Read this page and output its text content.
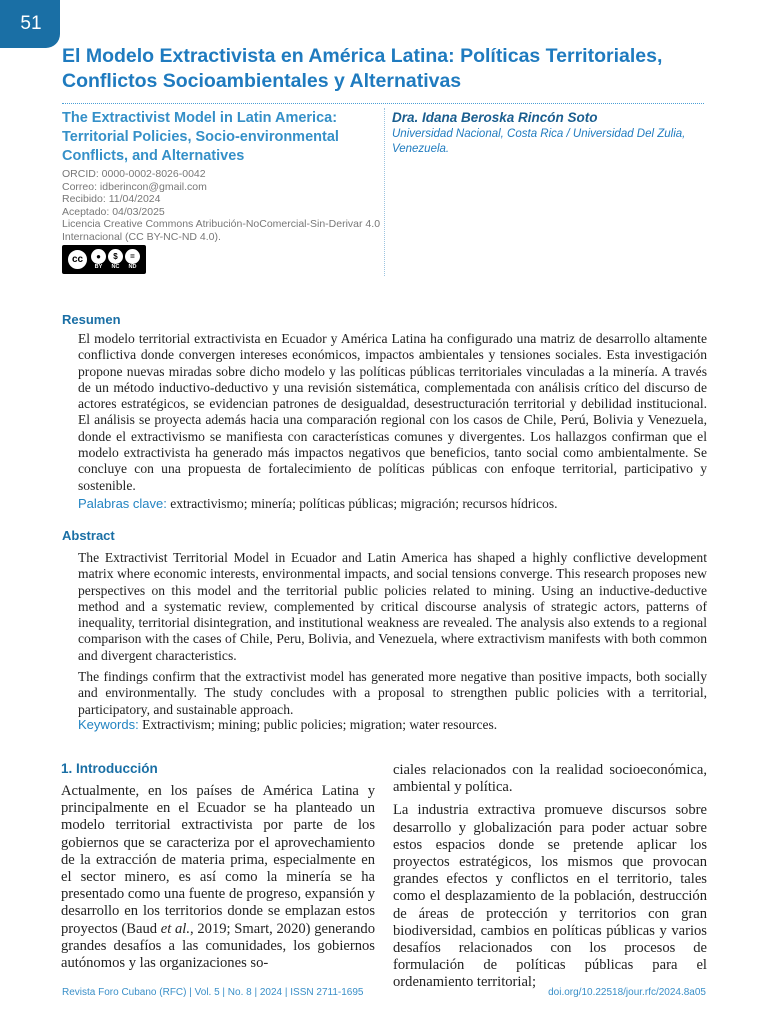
51
El Modelo Extractivista en América Latina: Políticas Territoriales, Conflictos Socioambientales y Alternativas
The Extractivist Model in Latin America: Territorial Policies, Socio-environmental Conflicts, and Alternatives
ORCID: 0000-0002-8026-0042
Correo: idberincon@gmail.com
Recibido: 11/04/2024
Aceptado: 04/03/2025
Licencia Creative Commons Atribución-NoComercial-Sin-Derivar 4.0 Internacional (CC BY-NC-ND 4.0).
cc	●
BY
$
NC
=
ND
Dra. Idana Beroska Rincón Soto
Universidad Nacional, Costa Rica / Universidad Del Zulia, Venezuela.
Resumen

El modelo territorial extractivista en Ecuador y América Latina ha configurado una matriz de desarrollo altamente conflictiva donde convergen intereses económicos, impactos ambientales y tensiones sociales. Esta investigación propone nuevas miradas sobre dicho modelo y las políticas públicas territoriales vinculadas a la minería. A través de un método inductivo-deductivo y una revisión sistemática, complementada con análisis crítico del discurso de actores estratégicos, se evidencian patrones de desigualdad, desestructuración territorial y debilidad institucional. El análisis se proyecta además hacia una comparación regional con los casos de Chile, Perú, Bolivia y Venezuela, donde el extractivismo se manifiesta con características comunes y divergentes. Los hallazgos confirman que el modelo extractivista ha generado más impactos negativos que beneficios, tanto social como ambientalmente. Se concluye con una propuesta de fortalecimiento de políticas públicas con enfoque territorial, participativo y sostenible.

Palabras clave: extractivismo; minería; políticas públicas; migración; recursos hídricos.
Abstract

The Extractivist Territorial Model in Ecuador and Latin America has shaped a highly conflictive development matrix where economic interests, environmental impacts, and social tensions converge. This research proposes new perspectives on this model and the territorial public policies related to mining. Using an inductive-deductive method and a systematic review, complemented by critical discourse analysis of strategic actors, patterns of inequality, territorial disintegration, and institutional weakness are revealed. The analysis also extends to a regional comparison with the cases of Chile, Peru, Bolivia, and Venezuela, where extractivism manifests with both common and divergent characteristics.

The findings confirm that the extractivist model has generated more negative than positive impacts, both socially and environmentally. The study concludes with a proposal to strengthen public policies with a territorial, participatory, and sustainable approach.

Keywords: Extractivism; mining; public policies; migration; water resources.
1. Introducción

Actualmente, en los países de América Latina y principalmente en el Ecuador se ha planteado un modelo territorial extractivista por parte de los gobiernos que se caracteriza por el aprovechamiento de la extracción de materia prima, especialmente en el sector minero, es así como la minería se ha presentado como una fuente de progreso, expansión y desarrollo en los territorios donde se emplazan estos proyectos (Baud et al., 2019; Smart, 2020) generando grandes desafíos a las comunidades, los gobiernos autónomos y las organizaciones so-

ciales relacionados con la realidad socioeconómica, ambiental y política.

La industria extractiva promueve discursos sobre desarrollo y globalización para poder actuar sobre estos espacios donde se pretende aplicar los proyectos estratégicos, los mismos que provocan grandes efectos y conflictos en el territorio, tales como el desplazamiento de la población, destrucción de áreas de protección y territorios con gran biodiversidad, cambios en políticas públicas y varios desafíos relacionados con los procesos de formulación de políticas públicas para el ordenamiento territorial;

Revista Foro Cubano (RFC) | Vol. 5 | No. 8 | 2024 | ISSN 2711-1695	doi.org/10.22518/jour.rfc/2024.8a05
